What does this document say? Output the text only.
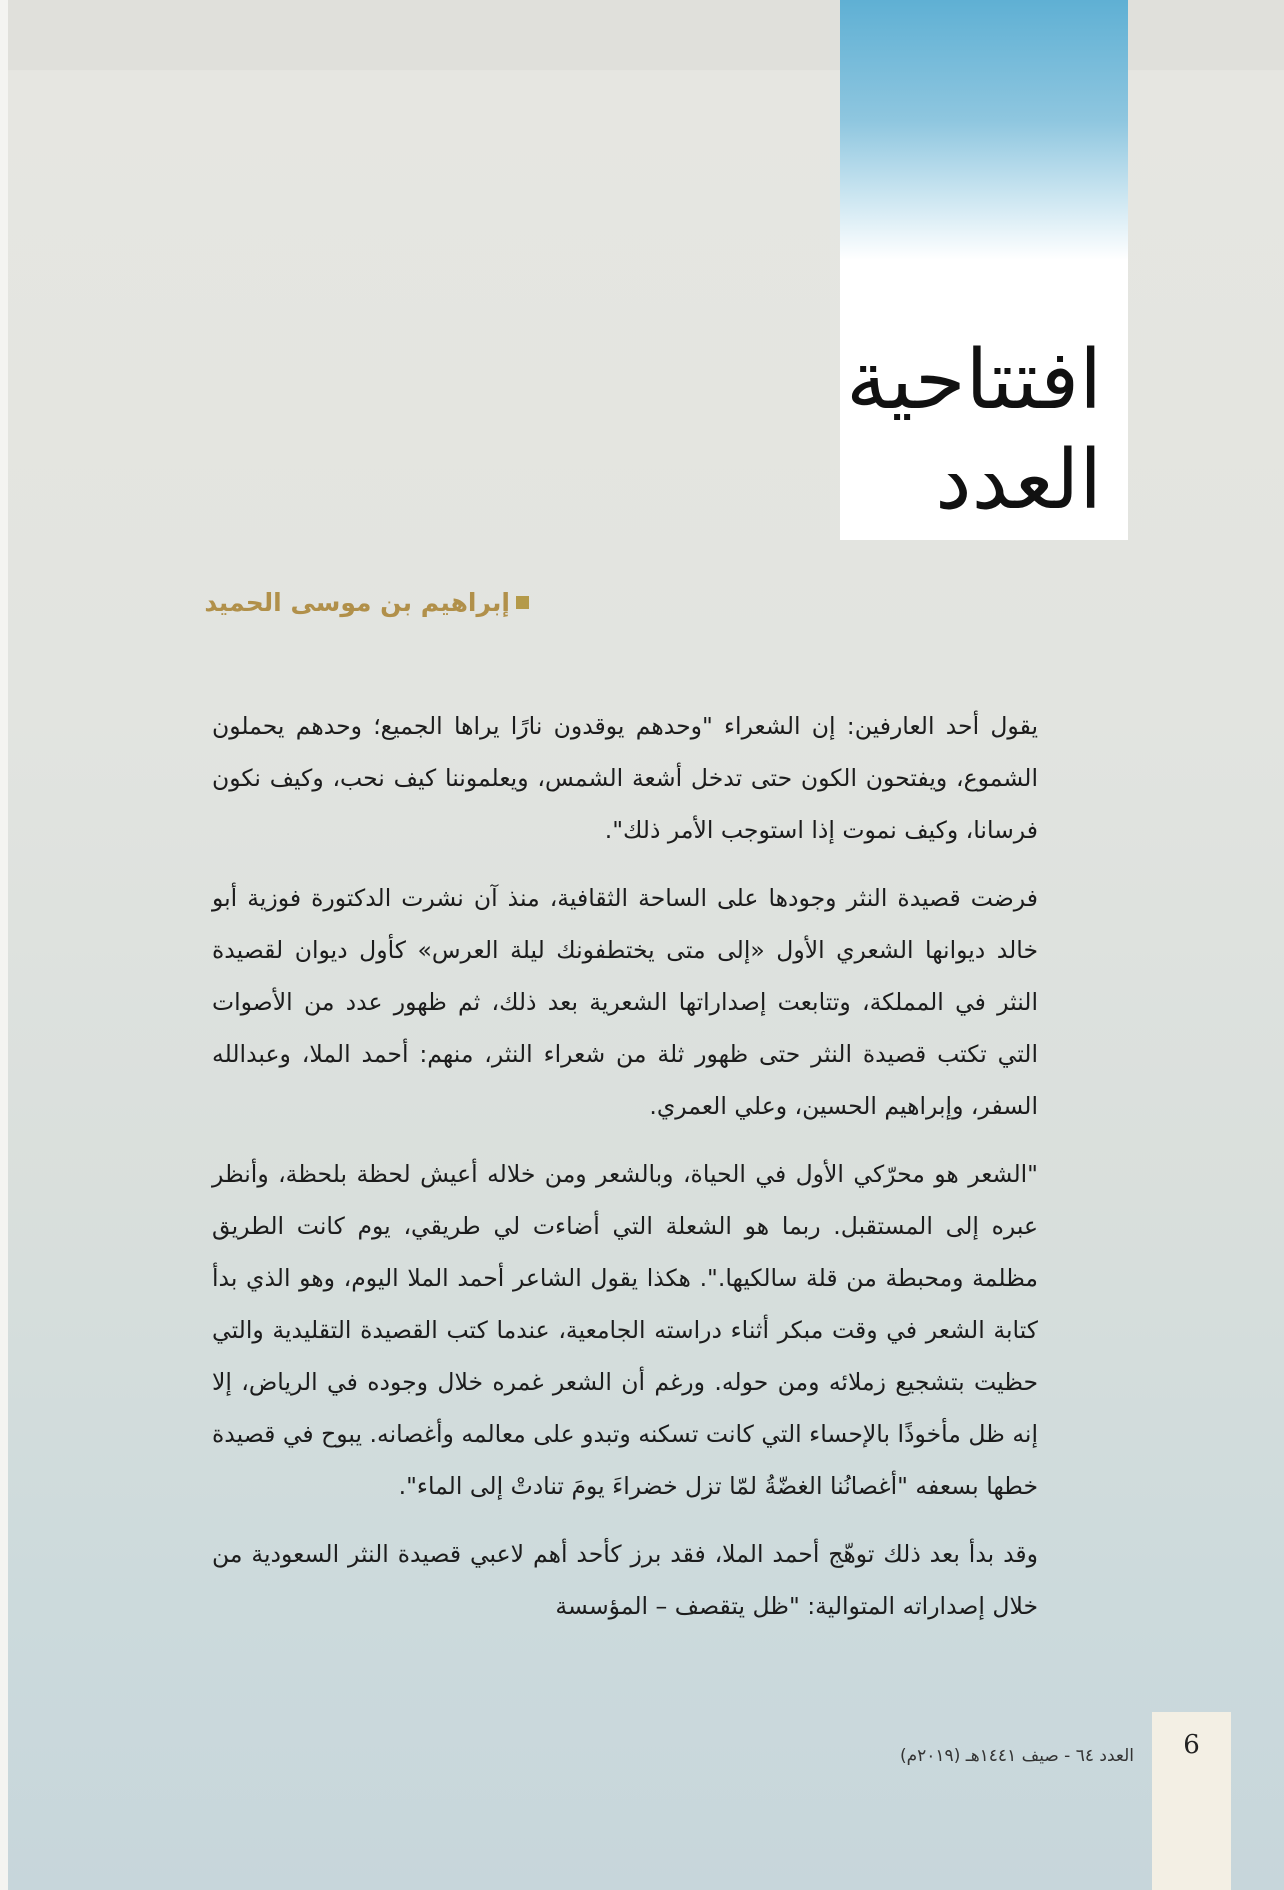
افتتاحية
العدد
إبراهيم بن موسى الحميد

يقول أحد العارفين: إن الشعراء "وحدهم يوقدون نارًا يراها الجميع؛ وحدهم يحملون الشموع، ويفتحون الكون حتى تدخل أشعة الشمس، ويعلموننا كيف نحب، وكيف نكون فرسانا، وكيف نموت إذا استوجب الأمر ذلك".

فرضت قصيدة النثر وجودها على الساحة الثقافية، منذ آن نشرت الدكتورة فوزية أبو خالد ديوانها الشعري الأول «إلى متى يختطفونك ليلة العرس» كأول ديوان لقصيدة النثر في المملكة، وتتابعت إصداراتها الشعرية بعد ذلك، ثم ظهور عدد من الأصوات التي تكتب قصيدة النثر حتى ظهور ثلة من شعراء النثر، منهم: أحمد الملا، وعبدالله السفر، وإبراهيم الحسين، وعلي العمري.

"الشعر هو محرّكي الأول في الحياة، وبالشعر ومن خلاله أعيش لحظة بلحظة، وأنظر عبره إلى المستقبل. ربما هو الشعلة التي أضاءت لي طريقي، يوم كانت الطريق مظلمة ومحبطة من قلة سالكيها.". هكذا يقول الشاعر أحمد الملا اليوم، وهو الذي بدأ كتابة الشعر في وقت مبكر أثناء دراسته الجامعية، عندما كتب القصيدة التقليدية والتي حظيت بتشجيع زملائه ومن حوله. ورغم أن الشعر غمره خلال وجوده في الرياض، إلا إنه ظل مأخوذًا بالإحساء التي كانت تسكنه وتبدو على معالمه وأغصانه. يبوح في قصيدة خطها بسعفه "أغصانُنا الغضّةُ لمّا تزل خضراءَ يومَ تنادتْ إلى الماء".

وقد بدأ بعد ذلك توهّج أحمد الملا، فقد برز كأحد أهم لاعبي قصيدة النثر السعودية من خلال إصداراته المتوالية: "ظل يتقصف – المؤسسة

العدد ٦٤ - صيف ١٤٤١هـ (٢٠١٩م)	6
